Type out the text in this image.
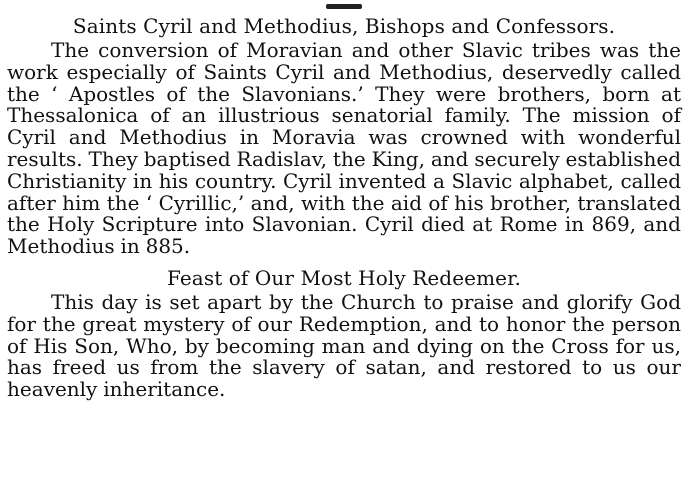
Saints Cyril and Methodius, Bishops and Confessors.
The conversion of Moravian and other Slavic tribes was the work especially of Saints Cyril and Methodius, deservedly called the ‘ Apostles of the Slavonians.’ They were brothers, born at Thessalonica of an illustrious senatorial family. The mission of Cyril and Methodius in Moravia was crowned with wonderful results. They baptised Radislav, the King, and securely established Christianity in his country. Cyril invented a Slavic alphabet, called after him the ‘ Cyrillic,’ and, with the aid of his brother, translated the Holy Scripture into Slavonian. Cyril died at Rome in 869, and Methodius in 885.
Feast of Our Most Holy Redeemer.
This day is set apart by the Church to praise and glorify God for the great mystery of our Redemption, and to honor the person of His Son, Who, by becoming man and dying on the Cross for us, has freed us from the slavery of satan, and restored to us our heavenly inheritance.
